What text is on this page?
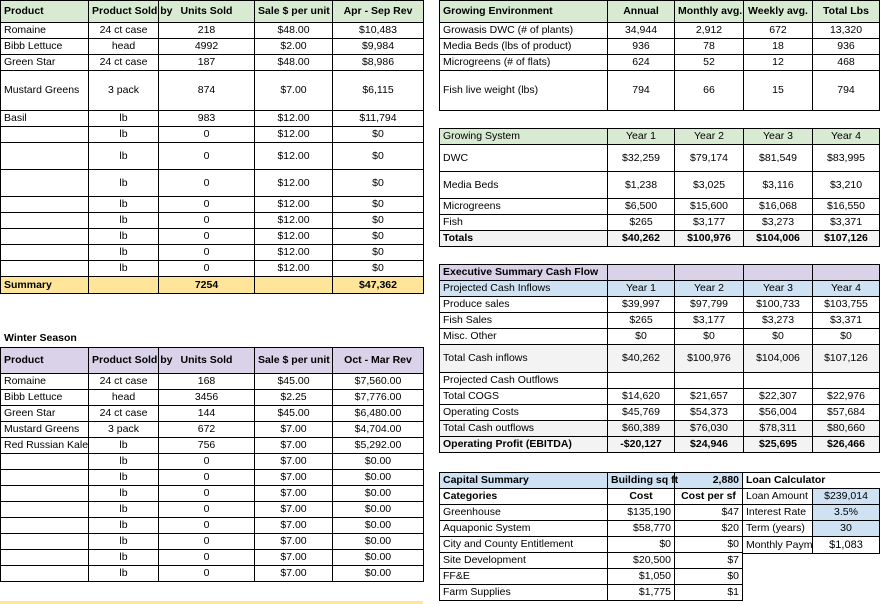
Product	Product Sold by	Units Sold	Sale $ per unit	Apr - Sep Rev
Romaine	24 ct case	218	$48.00	$10,483
Bibb Lettuce	head	4992	$2.00	$9,984
Green Star	24 ct case	187	$48.00	$8,986
Mustard Greens	3 pack	874	$7.00	$6,115
Basil	lb	983	$12.00	$11,794
	lb	0	$12.00	$0
	lb	0	$12.00	$0
	lb	0	$12.00	$0
	lb	0	$12.00	$0
	lb	0	$12.00	$0
	lb	0	$12.00	$0
	lb	0	$12.00	$0
	lb	0	$12.00	$0
Summary		7254		$47,362
Winter Season
Product	Product Sold by	Units Sold	Sale $ per unit	Oct - Mar Rev
Romaine	24 ct case	168	$45.00	$7,560.00
Bibb Lettuce	head	3456	$2.25	$7,776.00
Green Star	24 ct case	144	$45.00	$6,480.00
Mustard Greens	3 pack	672	$7.00	$4,704.00
Red Russian Kale	lb	756	$7.00	$5,292.00
	lb	0	$7.00	$0.00
	lb	0	$7.00	$0.00
	lb	0	$7.00	$0.00
	lb	0	$7.00	$0.00
	lb	0	$7.00	$0.00
	lb	0	$7.00	$0.00
	lb	0	$7.00	$0.00
	lb	0	$7.00	$0.00
Growing Environment	Annual	Monthly avg.	Weekly avg.	Total Lbs
Growasis DWC (# of plants)	34,944	2,912	672	13,320
Media Beds (lbs of product)	936	78	18	936
Microgreens (# of flats)	624	52	12	468
Fish live weight (lbs)	794	66	15	794
Growing System	Year 1	Year 2	Year 3	Year 4
DWC	$32,259	$79,174	$81,549	$83,995
Media Beds	$1,238	$3,025	$3,116	$3,210
Microgreens	$6,500	$15,600	$16,068	$16,550
Fish	$265	$3,177	$3,273	$3,371
Totals	$40,262	$100,976	$104,006	$107,126
Executive Summary Cash Flow				
Projected Cash Inflows	Year 1	Year 2	Year 3	Year 4
Produce sales	$39,997	$97,799	$100,733	$103,755
Fish Sales	$265	$3,177	$3,273	$3,371
Misc. Other	$0	$0	$0	$0
Total Cash inflows	$40,262	$100,976	$104,006	$107,126
Projected Cash Outflows				
Total COGS	$14,620	$21,657	$22,307	$22,976
Operating Costs	$45,769	$54,373	$56,004	$57,684
Total Cash outflows	$60,389	$76,030	$78,311	$80,660
Operating Profit (EBITDA)	-$20,127	$24,946	$25,695	$26,466
Capital Summary	Building sq ft	2,880
Categories	Cost	Cost per sf
Greenhouse	$135,190	$47
Aquaponic System	$58,770	$20
City and County Entitlement	$0	$0
Site Development	$20,500	$7
FF&E	$1,050	$0
Farm Supplies	$1,775	$1
Loan Calculator	
Loan Amount	$239,014
Interest Rate	3.5%
Term (years)	30
Monthly Paym	$1,083
